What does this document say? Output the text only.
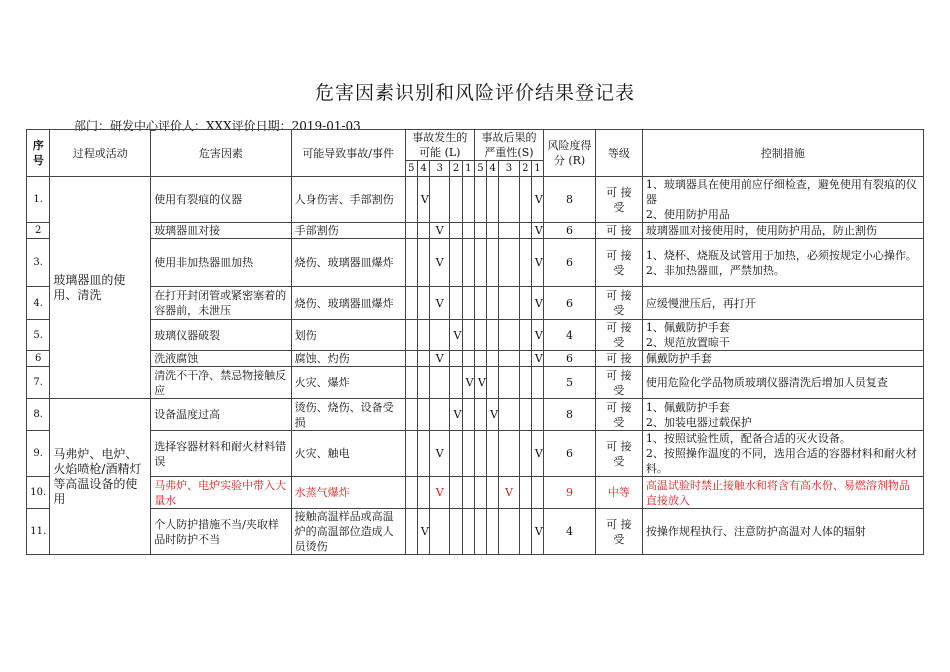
危害因素识别和风险评价结果登记表
部门：研发中心评价人：XXX评价日期：2019-01-03
序号	过程或活动	危害因素	可能导致事故/事件	事故发生的可能 (L)					事故后果的严重性(S)					风险度得分 (R)	等级	控制措施
				5	4	3	2	1	5	4	3	2	1			
1.	玻璃器皿的使用、清洗	使用有裂痕的仪器	人身伤害、手部割伤		V								V	8	可 接 受	1、玻璃器具在使用前应仔细检查，避免使用有裂痕的仪器
2、使用防护用品
2		玻璃器皿对接	手部割伤			V							V	6	可 接	玻璃器皿对接使用时，使用防护用品，防止割伤
3.		使用非加热器皿加热	烧伤、玻璃器皿爆炸			V							V	6	可 接 受	1、烧杯、烧瓶及试管用于加热，必须按规定小心操作。
2、非加热器皿，严禁加热。
4.		在打开封闭管或紧密塞着的容器前，未泄压	烧伤、玻璃器皿爆炸			V							V	6	可 接 受	应缓慢泄压后，再打开
5.		玻璃仪器破裂	划伤				V						V	4	可 接 受	1、佩戴防护手套
2、规范放置晾干
6		洗液腐蚀	腐蚀、灼伤			V							V	6	可 接	佩戴防护手套
7.		清洗不干净、禁忌物接触反应	火灾、爆炸					V	V					5	可 接 受	使用危险化学品物质玻璃仪器清洗后增加人员复查
8.	马弗炉、电炉、火焰喷枪/酒精灯等高温设备的使用	设备温度过高	烫伤、烧伤、设备受损				V			V				8	可 接 受	1、佩戴防护手套
2、加装电器过载保护
9.		选择容器材料和耐火材料错误	火灾、触电			V							V	6	可 接 受	1、按照试验性质，配备合适的灭火设备。
2、按照操作温度的不同，选用合适的容器材料和耐火材料。
10.		马弗炉、电炉实验中带入大量水	水蒸气爆炸			V					V			9	中等	高温试验时禁止接触水和将含有高水份、易燃溶剂物品直接放入
11.		个人防护措施不当/夹取样品时防护不当	接触高温样品或高温炉的高温部位造成人员烫伤		V								V	4	可 接 受	按操作规程执行、注意防护高温对人体的辐射
